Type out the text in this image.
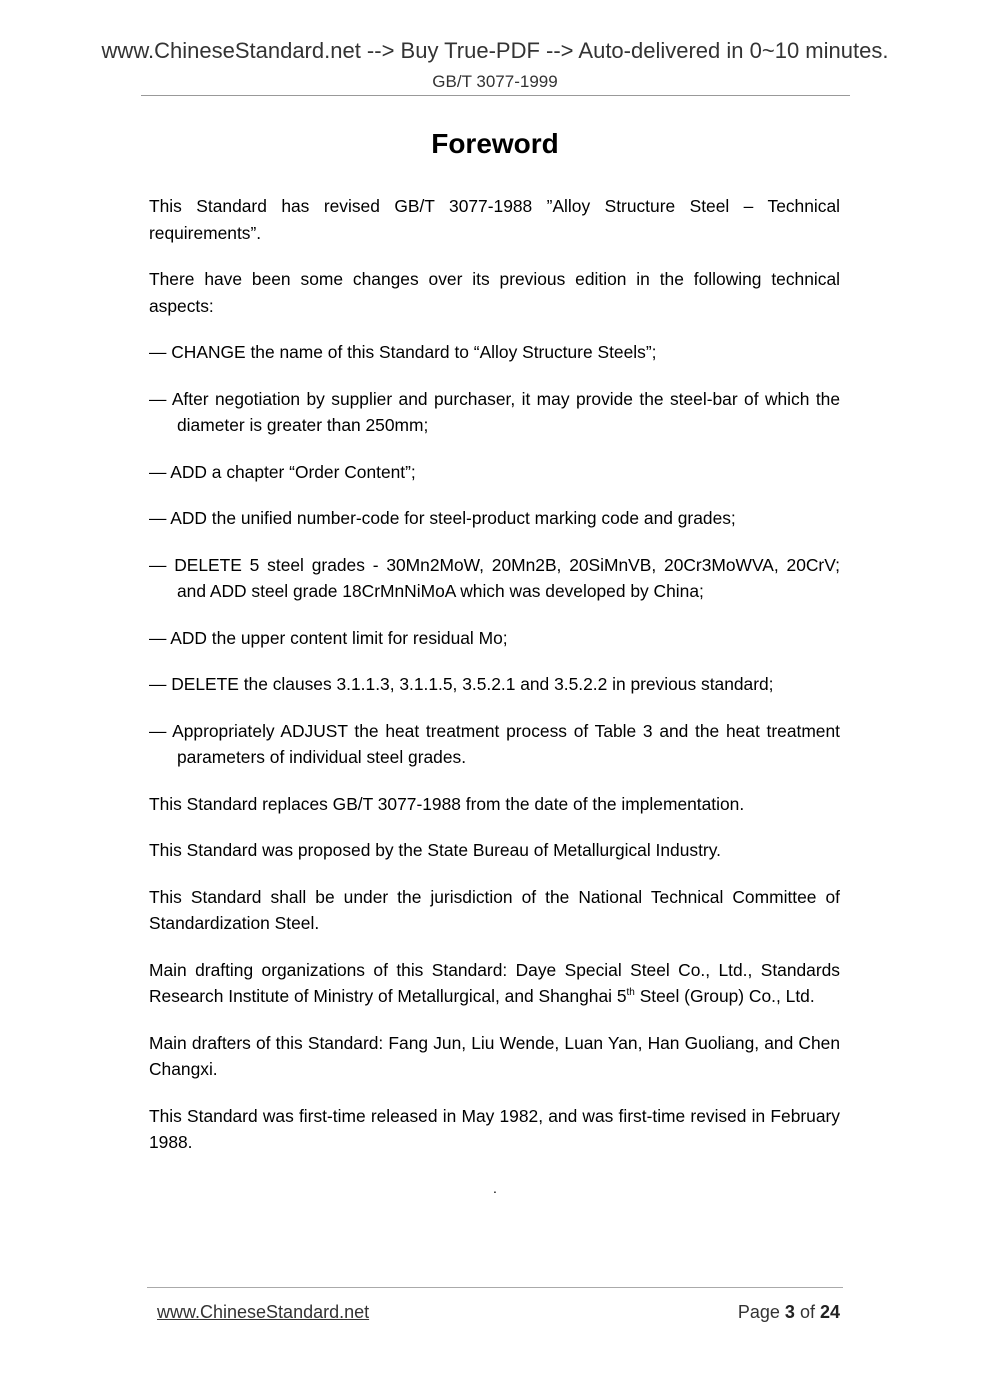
www.ChineseStandard.net --> Buy True-PDF --> Auto-delivered in 0~10 minutes.
GB/T 3077-1999
Foreword

This Standard has revised GB/T 3077-1988 ”Alloy Structure Steel – Technical requirements”.

There have been some changes over its previous edition in the following technical aspects:

— CHANGE the name of this Standard to “Alloy Structure Steels”;

— After negotiation by supplier and purchaser, it may provide the steel-bar of which the diameter is greater than 250mm;

— ADD a chapter “Order Content”;

— ADD the unified number-code for steel-product marking code and grades;

— DELETE 5 steel grades - 30Mn2MoW, 20Mn2B, 20SiMnVB, 20Cr3MoWVA, 20CrV; and ADD steel grade 18CrMnNiMoA which was developed by China;

— ADD the upper content limit for residual Mo;

— DELETE the clauses 3.1.1.3, 3.1.1.5, 3.5.2.1 and 3.5.2.2 in previous standard;

— Appropriately ADJUST the heat treatment process of Table 3 and the heat treatment parameters of individual steel grades.

This Standard replaces GB/T 3077-1988 from the date of the implementation.

This Standard was proposed by the State Bureau of Metallurgical Industry.

This Standard shall be under the jurisdiction of the National Technical Committee of Standardization Steel.

Main drafting organizations of this Standard: Daye Special Steel Co., Ltd., Standards Research Institute of Ministry of Metallurgical, and Shanghai 5th Steel (Group) Co., Ltd.

Main drafters of this Standard: Fang Jun, Liu Wende, Luan Yan, Han Guoliang, and Chen Changxi.

This Standard was first-time released in May 1982, and was first-time revised in February 1988.

.
www.ChineseStandard.net	Page 3 of 24
